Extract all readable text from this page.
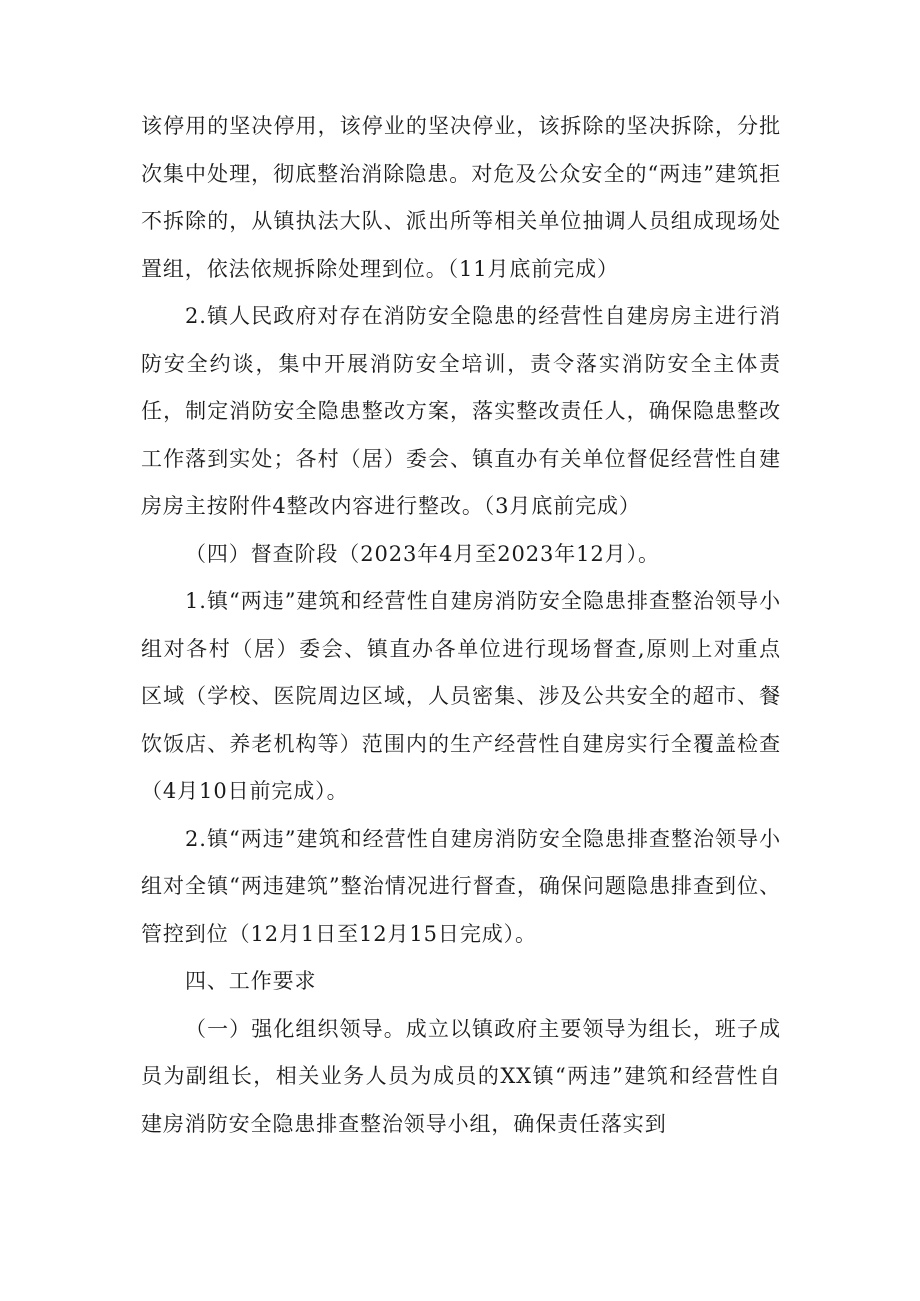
该停用的坚决停用，该停业的坚决停业，该拆除的坚决拆除，分批次集中处理，彻底整治消除隐患。对危及公众安全的“两违”建筑拒不拆除的，从镇执法大队、派出所等相关单位抽调人员组成现场处置组，依法依规拆除处理到位。（11月底前完成）

2.镇人民政府对存在消防安全隐患的经营性自建房房主进行消防安全约谈，集中开展消防安全培训，责令落实消防安全主体责任，制定消防安全隐患整改方案，落实整改责任人，确保隐患整改工作落到实处；各村（居）委会、镇直办有关单位督促经营性自建房房主按附件4整改内容进行整改。（3月底前完成）

（四）督查阶段（2023年4月至2023年12月）。

1.镇“两违”建筑和经营性自建房消防安全隐患排查整治领导小组对各村（居）委会、镇直办各单位进行现场督查,原则上对重点区域（学校、医院周边区域，人员密集、涉及公共安全的超市、餐饮饭店、养老机构等）范围内的生产经营性自建房实行全覆盖检查（4月10日前完成）。

2.镇“两违”建筑和经营性自建房消防安全隐患排查整治领导小组对全镇“两违建筑”整治情况进行督查，确保问题隐患排查到位、管控到位（12月1日至12月15日完成）。

四、工作要求

（一）强化组织领导。成立以镇政府主要领导为组长，班子成员为副组长，相关业务人员为成员的XX镇“两违”建筑和经营性自建房消防安全隐患排查整治领导小组，确保责任落实到
